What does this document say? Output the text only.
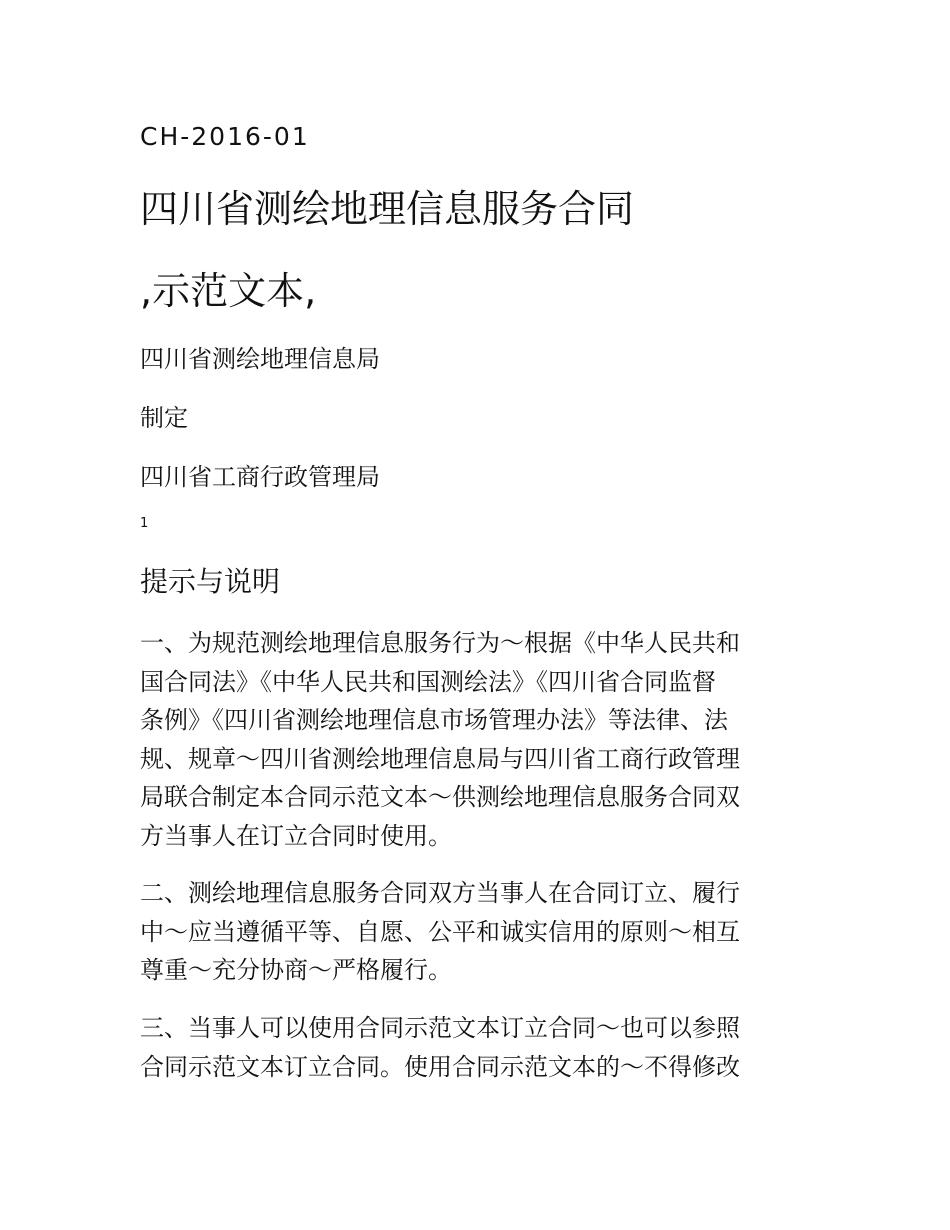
CH-2016-01
四川省测绘地理信息服务合同
,示范文本,
四川省测绘地理信息局
制定
四川省工商行政管理局
1
提示与说明
一、为规范测绘地理信息服务行为～根据《中华人民共和
国合同法》《中华人民共和国测绘法》《四川省合同监督
条例》《四川省测绘地理信息市场管理办法》等法律、法
规、规章～四川省测绘地理信息局与四川省工商行政管理
局联合制定本合同示范文本～供测绘地理信息服务合同双
方当事人在订立合同时使用。
二、测绘地理信息服务合同双方当事人在合同订立、履行
中～应当遵循平等、自愿、公平和诚实信用的原则～相互
尊重～充分协商～严格履行。
三、当事人可以使用合同示范文本订立合同～也可以参照
合同示范文本订立合同。使用合同示范文本的～不得修改
